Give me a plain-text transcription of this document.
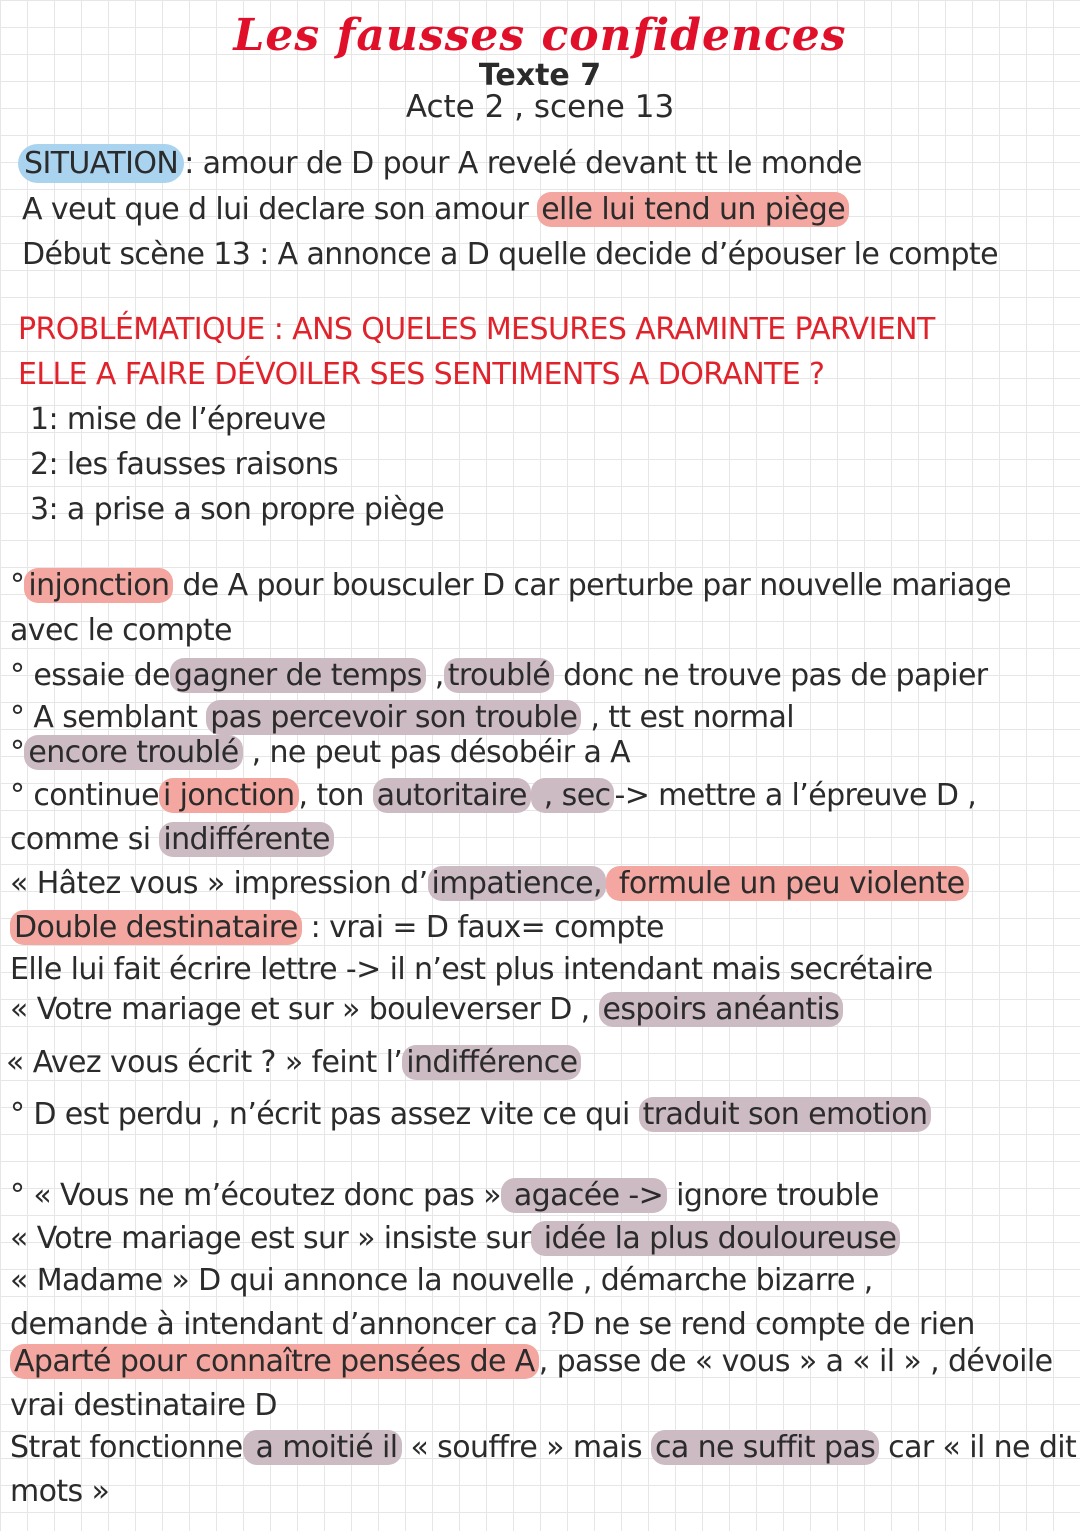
Les fausses confidences
Texte 7
Acte 2 , scene 13
SITUATION : amour de D pour A revelé devant tt le monde
A veut que d lui declare son amour elle lui tend un piège
Début scène 13 : A annonce a D quelle decide d’épouser le compte
PROBLÉMATIQUE : ANS QUELES MESURES ARAMINTE PARVIENT
ELLE A FAIRE DÉVOILER SES SENTIMENTS A DORANTE ?
1: mise de l’épreuve
2: les fausses raisons
3: a prise a son propre piège
° injonction de A pour bousculer D car perturbe par nouvelle mariage
avec le compte
° essaie de gagner de temps , troublé donc ne trouve pas de papier
° A semblant pas percevoir son trouble , tt est normal
° encore troublé , ne peut pas désobéir a A
° continue i jonction , ton autoritaire , sec -> mettre a l’épreuve D ,
comme si indifférente
« Hâtez vous » impression d’ impatience, formule un peu violente
Double destinataire : vrai = D faux= compte
Elle lui fait écrire lettre -> il n’est plus intendant mais secrétaire
« Votre mariage et sur » bouleverser D , espoirs anéantis
« Avez vous écrit ? » feint l’ indifférence
° D est perdu , n’écrit pas assez vite ce qui traduit son emotion
° « Vous ne m’écoutez donc pas » agacée -> ignore trouble
« Votre mariage est sur » insiste sur idée la plus douloureuse
« Madame » D qui annonce la nouvelle , démarche bizarre ,
demande à intendant d’annoncer ca ?D ne se rend compte de rien
Aparté pour connaître pensées de A , passe de « vous » a « il » , dévoile
vrai destinataire D
Strat fonctionne a moitié il « souffre » mais ca ne suffit pas car « il ne dit
mots »
